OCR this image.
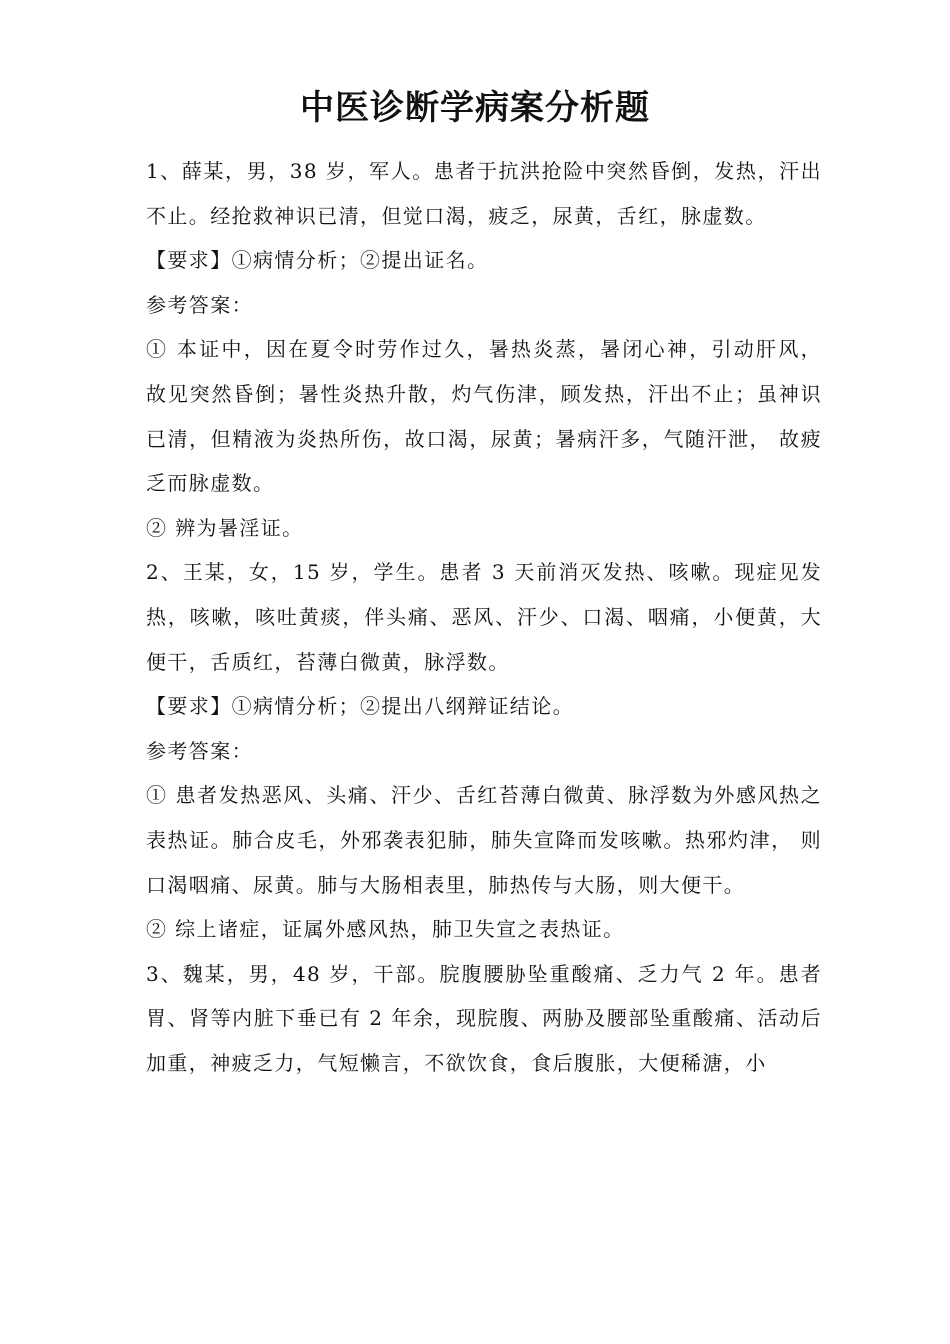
中医诊断学病案分析题

1、薛某，男，38 岁，军人。患者于抗洪抢险中突然昏倒，发热，汗出不止。经抢救神识已清，但觉口渴，疲乏，尿黄，舌红，脉虚数。

【要求】①病情分析；②提出证名。

参考答案：

① 本证中，因在夏令时劳作过久，暑热炎蒸，暑闭心神，引动肝风， 故见突然昏倒；暑性炎热升散，灼气伤津，顾发热，汗出不止；虽神识已清，但精液为炎热所伤，故口渴，尿黄；暑病汗多，气随汗泄， 故疲乏而脉虚数。

② 辨为暑淫证。

2、王某，女，15 岁，学生。患者 3 天前消灭发热、咳嗽。现症见发热，咳嗽，咳吐黄痰，伴头痛、恶风、汗少、口渴、咽痛，小便黄，大便干，舌质红，苔薄白微黄，脉浮数。

【要求】①病情分析；②提出八纲辩证结论。

参考答案：

① 患者发热恶风、头痛、汗少、舌红苔薄白微黄、脉浮数为外感风热之表热证。肺合皮毛，外邪袭表犯肺，肺失宣降而发咳嗽。热邪灼津， 则口渴咽痛、尿黄。肺与大肠相表里，肺热传与大肠，则大便干。

② 综上诸症，证属外感风热，肺卫失宣之表热证。

3、魏某，男，48 岁，干部。脘腹腰胁坠重酸痛、乏力气 2 年。患者胃、肾等内脏下垂已有 2 年余，现脘腹、两胁及腰部坠重酸痛、活动后加重，神疲乏力，气短懒言，不欲饮食，食后腹胀，大便稀溏，小
